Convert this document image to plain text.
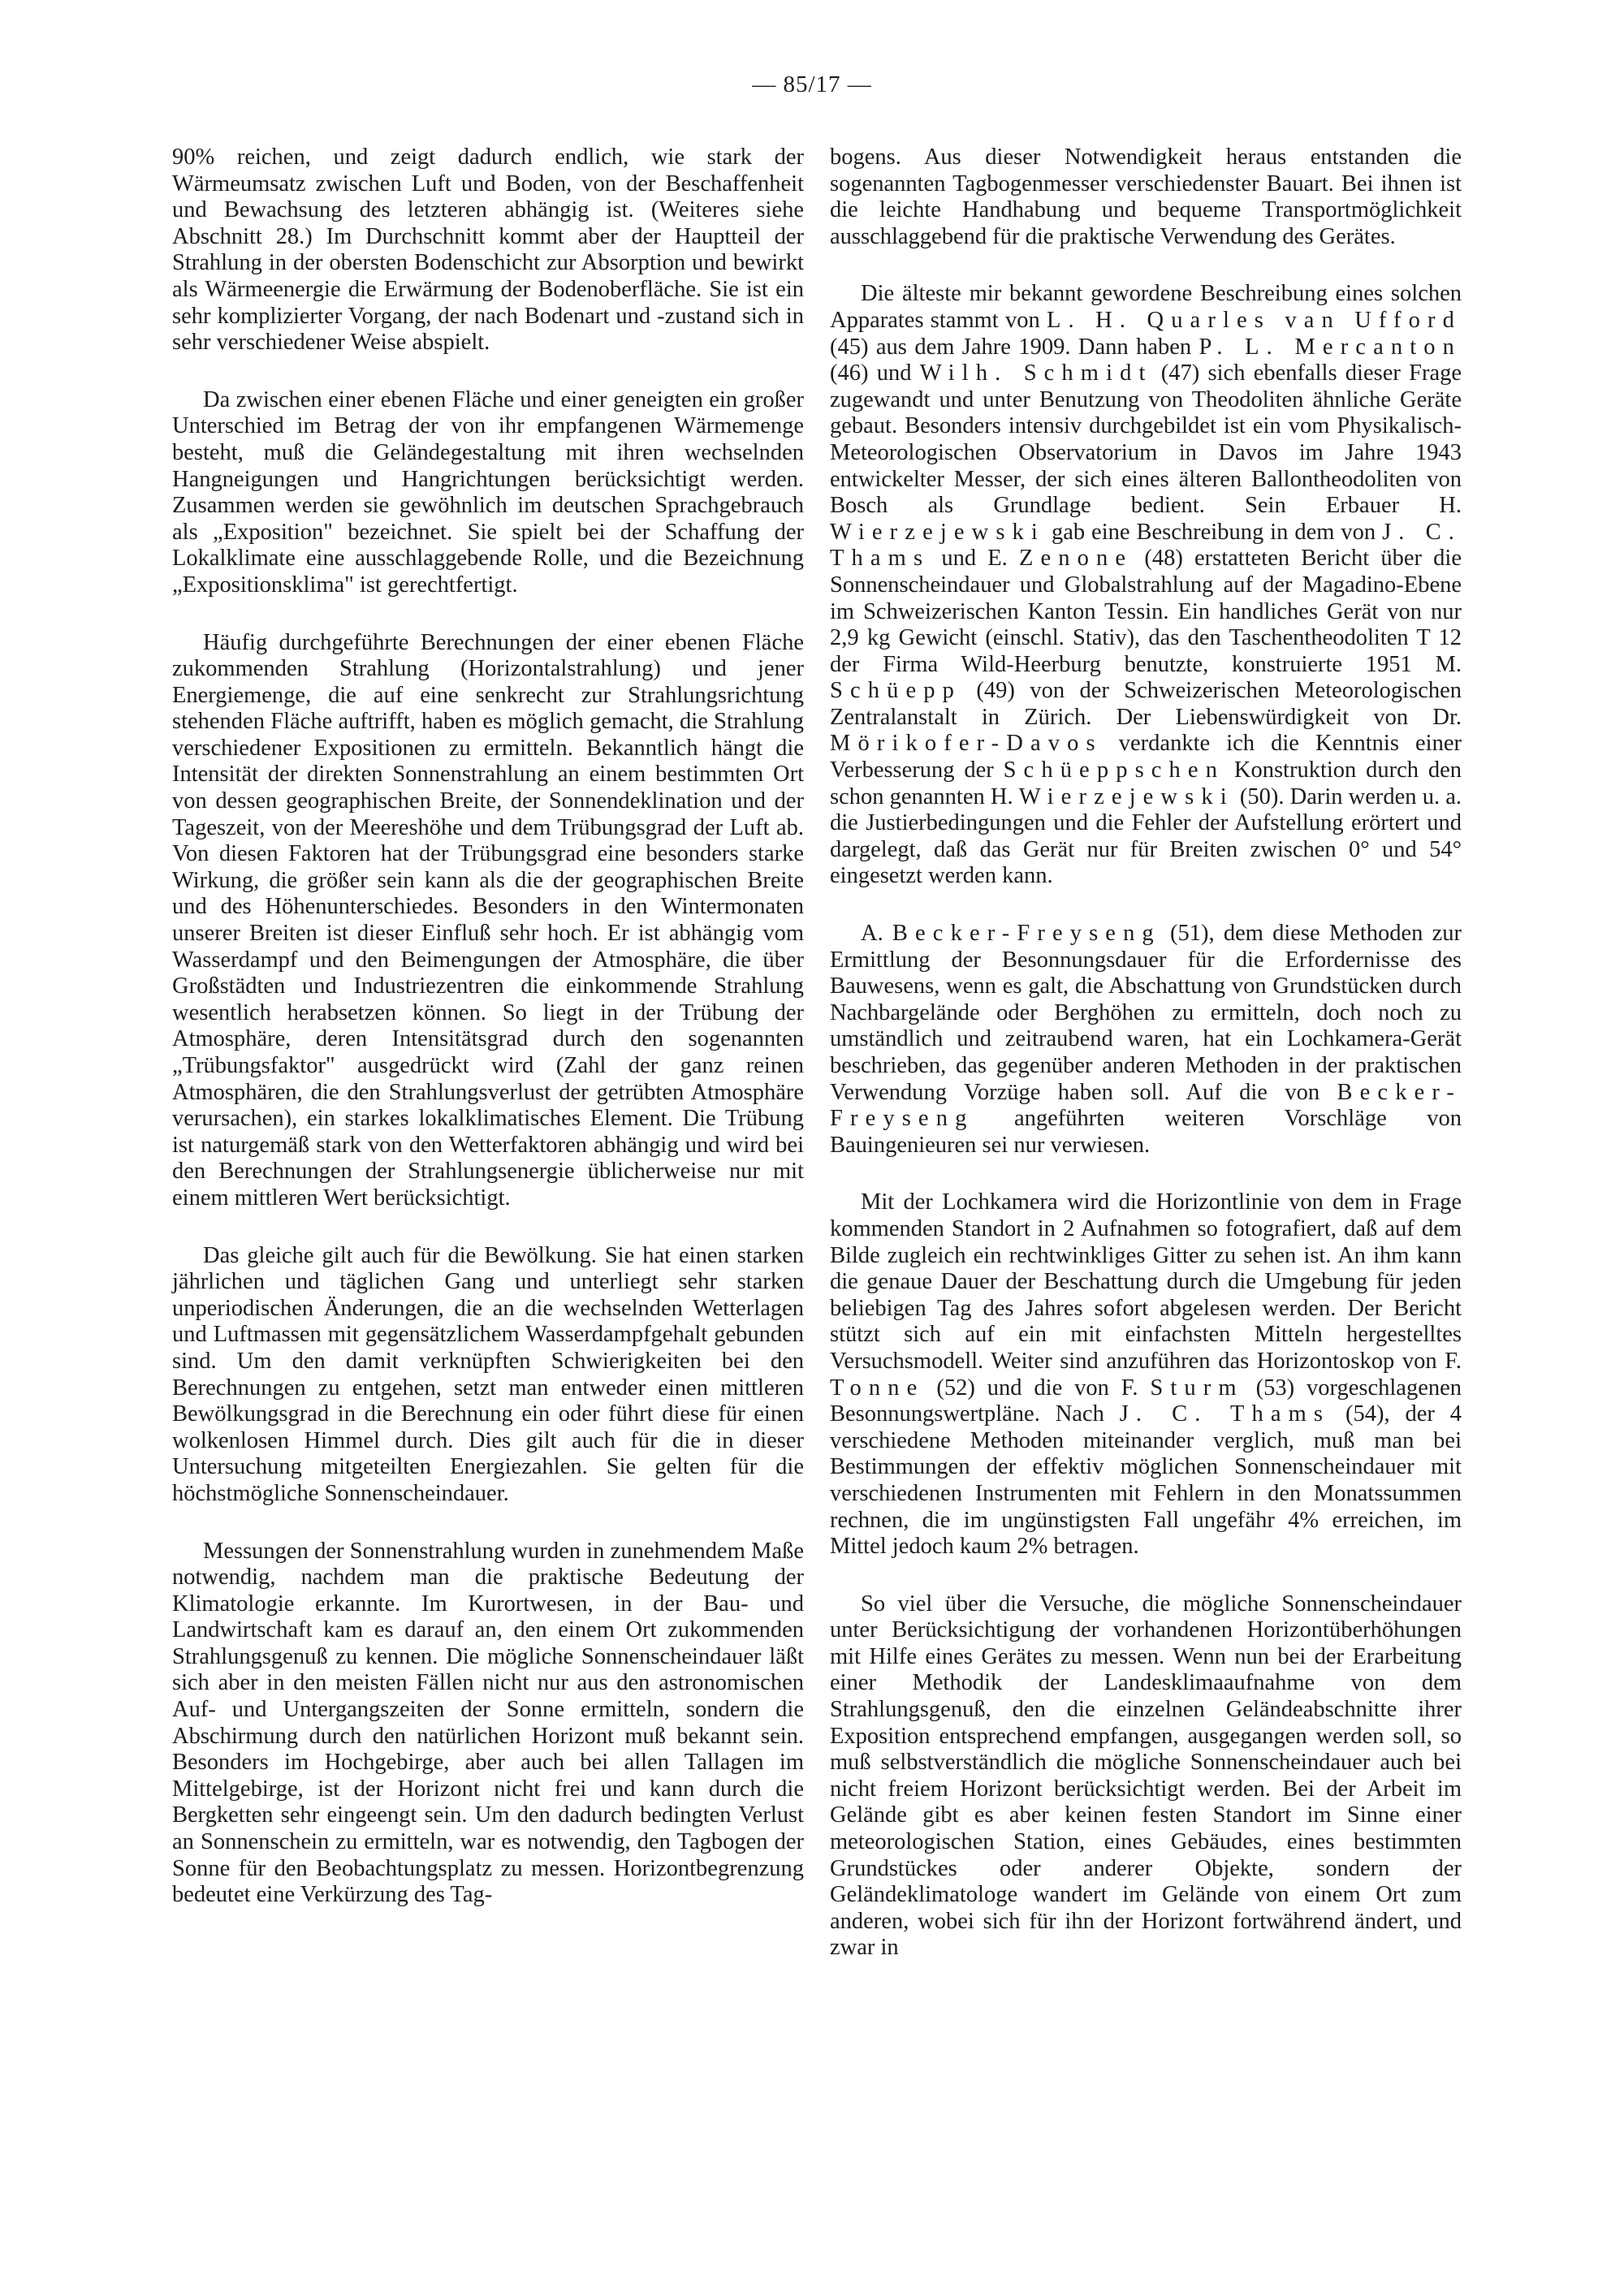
— 85/17 —

90% reichen, und zeigt dadurch endlich, wie stark der Wärmeumsatz zwischen Luft und Boden, von der Beschaffenheit und Bewachsung des letzteren abhängig ist. (Weiteres siehe Abschnitt 28.) Im Durchschnitt kommt aber der Hauptteil der Strahlung in der obersten Bodenschicht zur Absorption und bewirkt als Wärmeenergie die Erwärmung der Bodenoberfläche. Sie ist ein sehr komplizierter Vorgang, der nach Bodenart und -zustand sich in sehr verschiedener Weise abspielt.

Da zwischen einer ebenen Fläche und einer geneigten ein großer Unterschied im Betrag der von ihr empfangenen Wärmemenge besteht, muß die Geländegestaltung mit ihren wechselnden Hangneigungen und Hangrichtungen berücksichtigt werden. Zusammen werden sie gewöhnlich im deutschen Sprachgebrauch als „Exposition" bezeichnet. Sie spielt bei der Schaffung der Lokalklimate eine ausschlaggebende Rolle, und die Bezeichnung „Expositionsklima" ist gerechtfertigt.

Häufig durchgeführte Berechnungen der einer ebenen Fläche zukommenden Strahlung (Horizontalstrahlung) und jener Energiemenge, die auf eine senkrecht zur Strahlungsrichtung stehenden Fläche auftrifft, haben es möglich gemacht, die Strahlung verschiedener Expositionen zu ermitteln. Bekanntlich hängt die Intensität der direkten Sonnenstrahlung an einem bestimmten Ort von dessen geographischen Breite, der Sonnendeklination und der Tageszeit, von der Meereshöhe und dem Trübungsgrad der Luft ab. Von diesen Faktoren hat der Trübungsgrad eine besonders starke Wirkung, die größer sein kann als die der geographischen Breite und des Höhenunterschiedes. Besonders in den Wintermonaten unserer Breiten ist dieser Einfluß sehr hoch. Er ist abhängig vom Wasserdampf und den Beimengungen der Atmosphäre, die über Großstädten und Industriezentren die einkommende Strahlung wesentlich herabsetzen können. So liegt in der Trübung der Atmosphäre, deren Intensitätsgrad durch den sogenannten „Trübungsfaktor" ausgedrückt wird (Zahl der ganz reinen Atmosphären, die den Strahlungsverlust der getrübten Atmosphäre verursachen), ein starkes lokalklimatisches Element. Die Trübung ist naturgemäß stark von den Wetterfaktoren abhängig und wird bei den Berechnungen der Strahlungsenergie üblicherweise nur mit einem mittleren Wert berücksichtigt.

Das gleiche gilt auch für die Bewölkung. Sie hat einen starken jährlichen und täglichen Gang und unterliegt sehr starken unperiodischen Änderungen, die an die wechselnden Wetterlagen und Luftmassen mit gegensätzlichem Wasserdampfgehalt gebunden sind. Um den damit verknüpften Schwierigkeiten bei den Berechnungen zu entgehen, setzt man entweder einen mittleren Bewölkungsgrad in die Berechnung ein oder führt diese für einen wolkenlosen Himmel durch. Dies gilt auch für die in dieser Untersuchung mitgeteilten Energiezahlen. Sie gelten für die höchstmögliche Sonnenscheindauer.

Messungen der Sonnenstrahlung wurden in zunehmendem Maße notwendig, nachdem man die praktische Bedeutung der Klimatologie erkannte. Im Kurortwesen, in der Bau- und Landwirtschaft kam es darauf an, den einem Ort zukommenden Strahlungsgenuß zu kennen. Die mögliche Sonnenscheindauer läßt sich aber in den meisten Fällen nicht nur aus den astronomischen Auf- und Untergangszeiten der Sonne ermitteln, sondern die Abschirmung durch den natürlichen Horizont muß bekannt sein. Besonders im Hochgebirge, aber auch bei allen Tallagen im Mittelgebirge, ist der Horizont nicht frei und kann durch die Bergketten sehr eingeengt sein. Um den dadurch bedingten Verlust an Sonnenschein zu ermitteln, war es notwendig, den Tagbogen der Sonne für den Beobachtungsplatz zu messen. Horizontbegrenzung bedeutet eine Verkürzung des Tag-

bogens. Aus dieser Notwendigkeit heraus entstanden die sogenannten Tagbogenmesser verschiedenster Bauart. Bei ihnen ist die leichte Handhabung und bequeme Transportmöglichkeit ausschlaggebend für die praktische Verwendung des Gerätes.

Die älteste mir bekannt gewordene Beschreibung eines solchen Apparates stammt von L. H. Quarles van Ufford (45) aus dem Jahre 1909. Dann haben P. L. Mercanton (46) und Wilh. Schmidt (47) sich ebenfalls dieser Frage zugewandt und unter Benutzung von Theodoliten ähnliche Geräte gebaut. Besonders intensiv durchgebildet ist ein vom Physikalisch-Meteorologischen Observatorium in Davos im Jahre 1943 entwickelter Messer, der sich eines älteren Ballontheodoliten von Bosch als Grundlage bedient. Sein Erbauer H. Wierzejewski gab eine Beschreibung in dem von J. C. Thams und E. Zenone (48) erstatteten Bericht über die Sonnenscheindauer und Globalstrahlung auf der Magadino-Ebene im Schweizerischen Kanton Tessin. Ein handliches Gerät von nur 2,9 kg Gewicht (einschl. Stativ), das den Taschentheodoliten T 12 der Firma Wild-Heerburg benutzte, konstruierte 1951 M. Schüepp (49) von der Schweizerischen Meteorologischen Zentralanstalt in Zürich. Der Liebenswürdigkeit von Dr. Mörikofer-Davos verdankte ich die Kenntnis einer Verbesserung der Schüeppschen Konstruktion durch den schon genannten H. Wierzejewski (50). Darin werden u. a. die Justierbedingungen und die Fehler der Aufstellung erörtert und dargelegt, daß das Gerät nur für Breiten zwischen 0° und 54° eingesetzt werden kann.

A. Becker-Freyseng (51), dem diese Methoden zur Ermittlung der Besonnungsdauer für die Erfordernisse des Bauwesens, wenn es galt, die Abschattung von Grundstücken durch Nachbargelände oder Berghöhen zu ermitteln, doch noch zu umständlich und zeitraubend waren, hat ein Lochkamera-Gerät beschrieben, das gegenüber anderen Methoden in der praktischen Verwendung Vorzüge haben soll. Auf die von Becker-Freyseng angeführten weiteren Vorschläge von Bauingenieuren sei nur verwiesen.

Mit der Lochkamera wird die Horizontlinie von dem in Frage kommenden Standort in 2 Aufnahmen so fotografiert, daß auf dem Bilde zugleich ein rechtwinkliges Gitter zu sehen ist. An ihm kann die genaue Dauer der Beschattung durch die Umgebung für jeden beliebigen Tag des Jahres sofort abgelesen werden. Der Bericht stützt sich auf ein mit einfachsten Mitteln hergestelltes Versuchsmodell. Weiter sind anzuführen das Horizontoskop von F. Tonne (52) und die von F. Sturm (53) vorgeschlagenen Besonnungswertpläne. Nach J. C. Thams (54), der 4 verschiedene Methoden miteinander verglich, muß man bei Bestimmungen der effektiv möglichen Sonnenscheindauer mit verschiedenen Instrumenten mit Fehlern in den Monatssummen rechnen, die im ungünstigsten Fall ungefähr 4% erreichen, im Mittel jedoch kaum 2% betragen.

So viel über die Versuche, die mögliche Sonnenscheindauer unter Berücksichtigung der vorhandenen Horizontüberhöhungen mit Hilfe eines Gerätes zu messen. Wenn nun bei der Erarbeitung einer Methodik der Landesklimaaufnahme von dem Strahlungsgenuß, den die einzelnen Geländeabschnitte ihrer Exposition entsprechend empfangen, ausgegangen werden soll, so muß selbstverständlich die mögliche Sonnenscheindauer auch bei nicht freiem Horizont berücksichtigt werden. Bei der Arbeit im Gelände gibt es aber keinen festen Standort im Sinne einer meteorologischen Station, eines Gebäudes, eines bestimmten Grundstückes oder anderer Objekte, sondern der Geländeklimatologe wandert im Gelände von einem Ort zum anderen, wobei sich für ihn der Horizont fortwährend ändert, und zwar in
